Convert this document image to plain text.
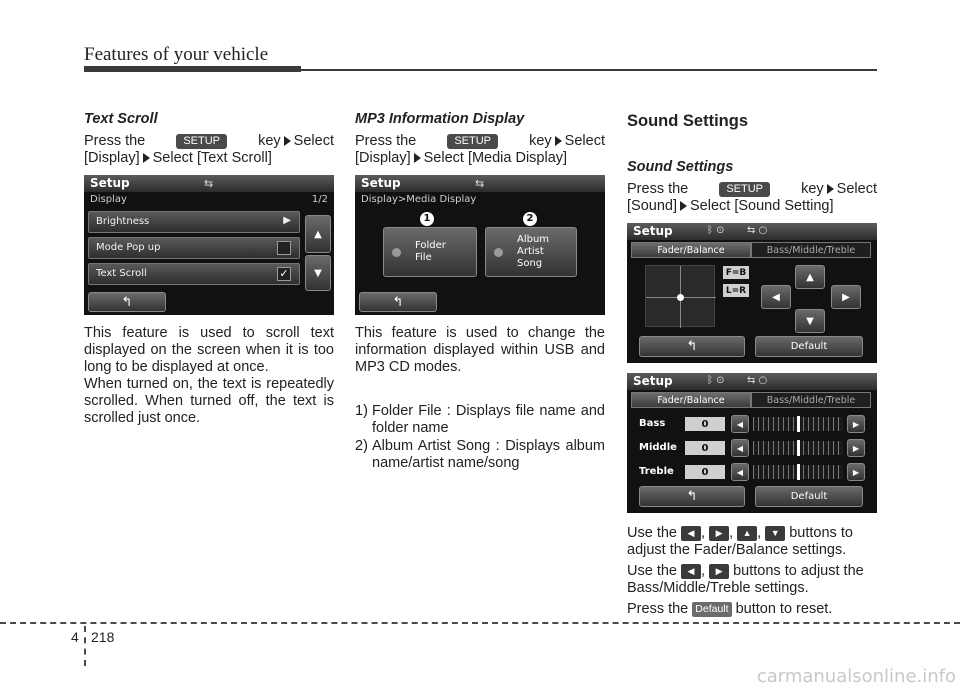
Features of your vehicle
Text Scroll

Press the	SETUP	key Select

[Display] Select [Text Scroll]

Setup	⇆
Display	1/2
Brightness	▶
Mode Pop up
Text Scroll	✓
▲
▼
↰

This feature is used to scroll text displayed on the screen when it is too long to be displayed at once.

When turned on, the text is repeatedly scrolled. When turned off, the text is scrolled just once.

MP3 Information Display

Press the	SETUP	key Select

[Display] Select [Media Display]

Setup	⇆
Display>Media Display
1	2
Folder
File
Album
Artist
Song
↰

This feature is used to change the information displayed within USB and MP3 CD modes.

1) Folder File : Displays file name and folder name

2) Album Artist Song : Displays album name/artist name/song

Sound Settings
Sound Settings

Press the	SETUP	key Select

[Sound] Select [Sound Setting]

Setup	ᛒ ⊙ ⇆ ○
Fader/Balance	Bass/Middle/Treble
F=B
L=R
▲
◀	▶
▼
↰	Default
Setup	ᛒ ⊙ ⇆ ○
Fader/Balance	Bass/Middle/Treble
Bass	0	◀	▶
Middle	0	◀	▶
Treble	0	◀	▶
↰	Default

Use the ◀ , ▶ , ▲ , ▼ buttons to adjust the Fader/Balance settings.

Use the ◀ , ▶ buttons to adjust the Bass/Middle/Treble settings.

Press the Default button to reset.

4 218
carmanualsonline.info
